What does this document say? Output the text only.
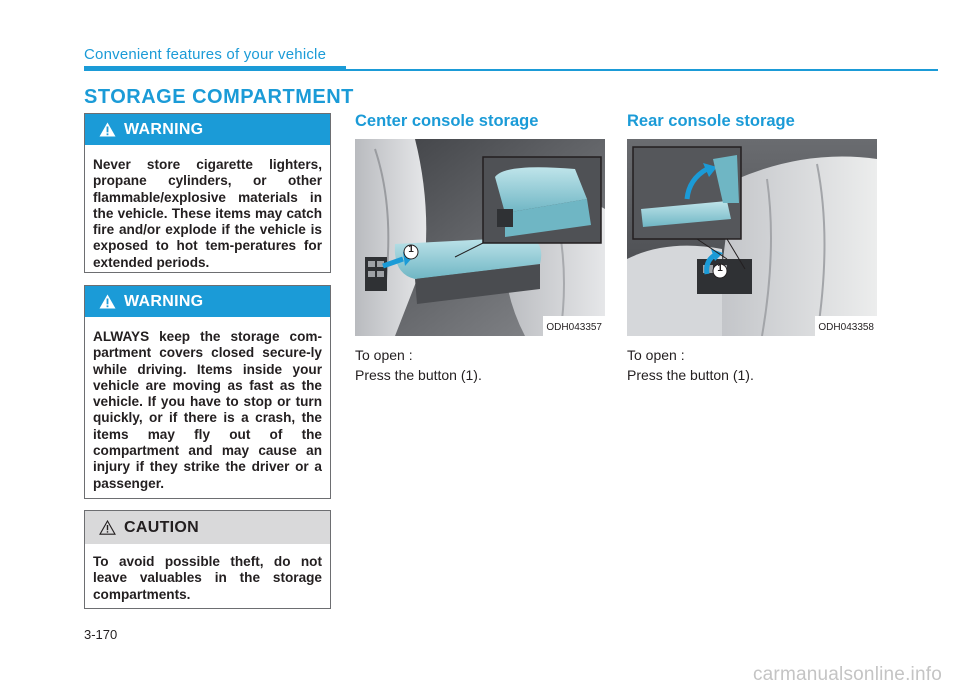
Convenient features of your vehicle
STORAGE COMPARTMENT
WARNING
Never store cigarette lighters, propane cylinders, or other flammable/explosive materials in the vehicle. These items may catch fire and/or explode if the vehicle is exposed to hot tem-peratures for extended periods.
WARNING
ALWAYS keep the storage com-partment covers closed secure-ly while driving. Items inside your vehicle are moving as fast as the vehicle. If you have to stop or turn quickly, or if there is a crash, the items may fly out of the compartment and may cause an injury if they strike the driver or a passenger.
CAUTION
To avoid possible theft, do not leave valuables in the storage compartments.
Center console storage
1
ODH043357
To open :
Press the button (1).
Rear console storage
1
ODH043358
To open :
Press the button (1).
3-170
carmanualsonline.info
